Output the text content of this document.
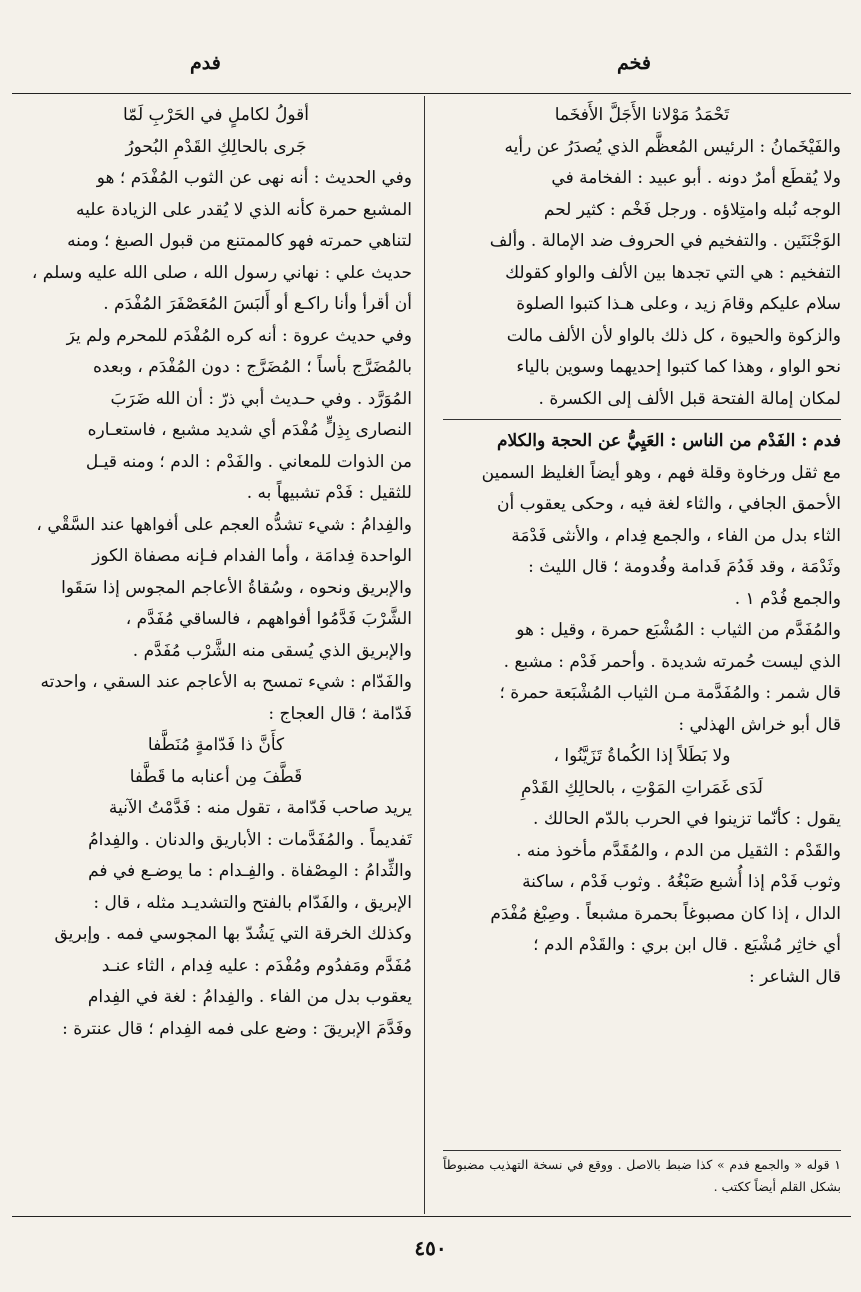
فخم
فدم

تَحْمَدُ مَوْلانا الأَجَلَّ الأَفخَما

والفَيْخَمانُ : الرئيس المُعظَّم الذي يُصدَرُ عن رأيه

ولا يُقطَع أمرٌ دونه . أبو عبيد : الفخامة في

الوجه نُبله وامتِلاؤه . ورجل فَخْم : كثير لحم

الوَجْنَتَين . والتفخيم في الحروف ضد الإمالة . وألف

التفخيم : هي التي تجدها بين الألف والواو كقولك

سلام عليكم وقامَ زيد ، وعلى هـذا كتبوا الصلوة

والزكوة والحيوة ، كل ذلك بالواو لأن الألف مالت

نحو الواو ، وهذا كما كتبوا إحديهما وسوين بالياء

لمكان إمالة الفتحة قبل الألف إلى الكسرة .

فدم : الفَدْم من الناس : العَيِيُّ عن الحجة والكلام

مع ثقل ورخاوة وقلة فهم ، وهو أيضاً الغليظ السمين

الأحمق الجافي ، والثاء لغة فيه ، وحكى يعقوب أن

الثاء بدل من الفاء ، والجمع فِدام ، والأنثى فَدْمَة

وثَدْمَة ، وقد فَدُمَ فَدامة وفُدومة ؛ قال الليث :

والجمع فُدْم ١ .

والمُفَدَّم من الثياب : المُشْبَع حمرة ، وقيل : هو

الذي ليست حُمرته شديدة . وأحمر فَدْم : مشبع .

قال شمر : والمُفَدَّمة مـن الثياب المُشْبَعة حمرة ؛

قال أبو خراش الهذلي :

ولا بَطَلاً إذا الكُماةُ تَزَيَّنُوا ،

لَدَى غَمَراتِ المَوْتِ ، بالحالِكِ القَدْمِ

يقول : كأنّما تزينوا في الحرب بالدّم الحالك .

والقَدْم : الثقيل من الدم ، والمُقَدَّم مأخوذ منه .

وثوب فَدْم إذا أُشبع صَبْغُهُ . وثوب فَدْم ، ساكنة

الدال ، إذا كان مصبوغاً بحمرة مشبعاً . وصِبْغ مُفْدَم

أي خاثِر مُشْبَع . قال ابن بري : والقَدْم الدم ؛

قال الشاعر :

١ قوله « والجمع فدم » كذا ضبط بالاصل . ووقع في نسخة التهذيب مضبوطاً بشكل القلم أيضاً ككتب .

أقولُ لكاملٍ في الحَرْبِ لَمّا

جَرى بالحالِكِ القَدْمِ البُحورُ

وفي الحديث : أنه نهى عن الثوب المُفْدَم ؛ هو

المشبع حمرة كأنه الذي لا يُقدر على الزيادة عليه

لتناهي حمرته فهو كالممتنع من قبول الصبغ ؛ ومنه

حديث علي : نهاني رسول الله ، صلى الله عليه وسلم ،

أن أقرأ وأنا راكـع أو أَلبَسَ المُعَصْفَرَ المُفْدَم .

وفي حديث عروة : أنه كره المُفْدَم للمحرم ولم يرَ

بالمُضَرَّج بأساً ؛ المُضَرَّج : دون المُفْدَم ، وبعده

المُوَرَّد . وفي حـديث أبي ذرّ : أن الله ضَرَبَ

النصارى بِذِلٍّ مُفْدَم أي شديد مشبع ، فاستعـاره

من الذوات للمعاني . والفَدْم : الدم ؛ ومنه قيـل

للثقيل : فَدْم تشبيهاً به .

والفِدامُ : شيء تشدُّه العجم على أفواهها عند السَّقْي ،

الواحدة فِدامَة ، وأما الفدام فـإنه مصفاة الكوز

والإبريق ونحوه ، وسُقاةُ الأعاجم المجوس إذا سَقَوا

الشَّرْبَ فَدَّمُوا أفواههم ، فالساقي مُفَدَّم ،

والإبريق الذي يُسقى منه الشَّرْب مُفَدَّم .

والفَدّام : شيء تمسح به الأعاجم عند السقي ، واحدته

فَدّامة ؛ قال العجاج :

كأَنَّ ذا فَدّامةٍ مُنَطَّفا

قَطَّفَ مِن أعنابه ما قَطَّفا

يريد صاحب فَدّامة ، تقول منه : فَدَّمْتُ الآنية

تَفديماً . والمُفَدَّمات : الأباريق والدنان . والفِدامُ

والثِّدامُ : المِصْفاة . والفِـدام : ما يوضـع في فم

الإبريق ، والفَدّام بالفتح والتشديـد مثله ، قال :

وكذلك الخرقة التي يَشُدّ بها المجوسي فمه . وإبريق

مُفَدَّم ومَفدُوم ومُفْدَم : عليه فِدام ، الثاء عنـد

يعقوب بدل من الفاء . والفِدامُ : لغة في الفِدام

وفَدَّمَ الإبريقَ : وضع على فمه الفِدام ؛ قال عنترة :

٤٥٠
